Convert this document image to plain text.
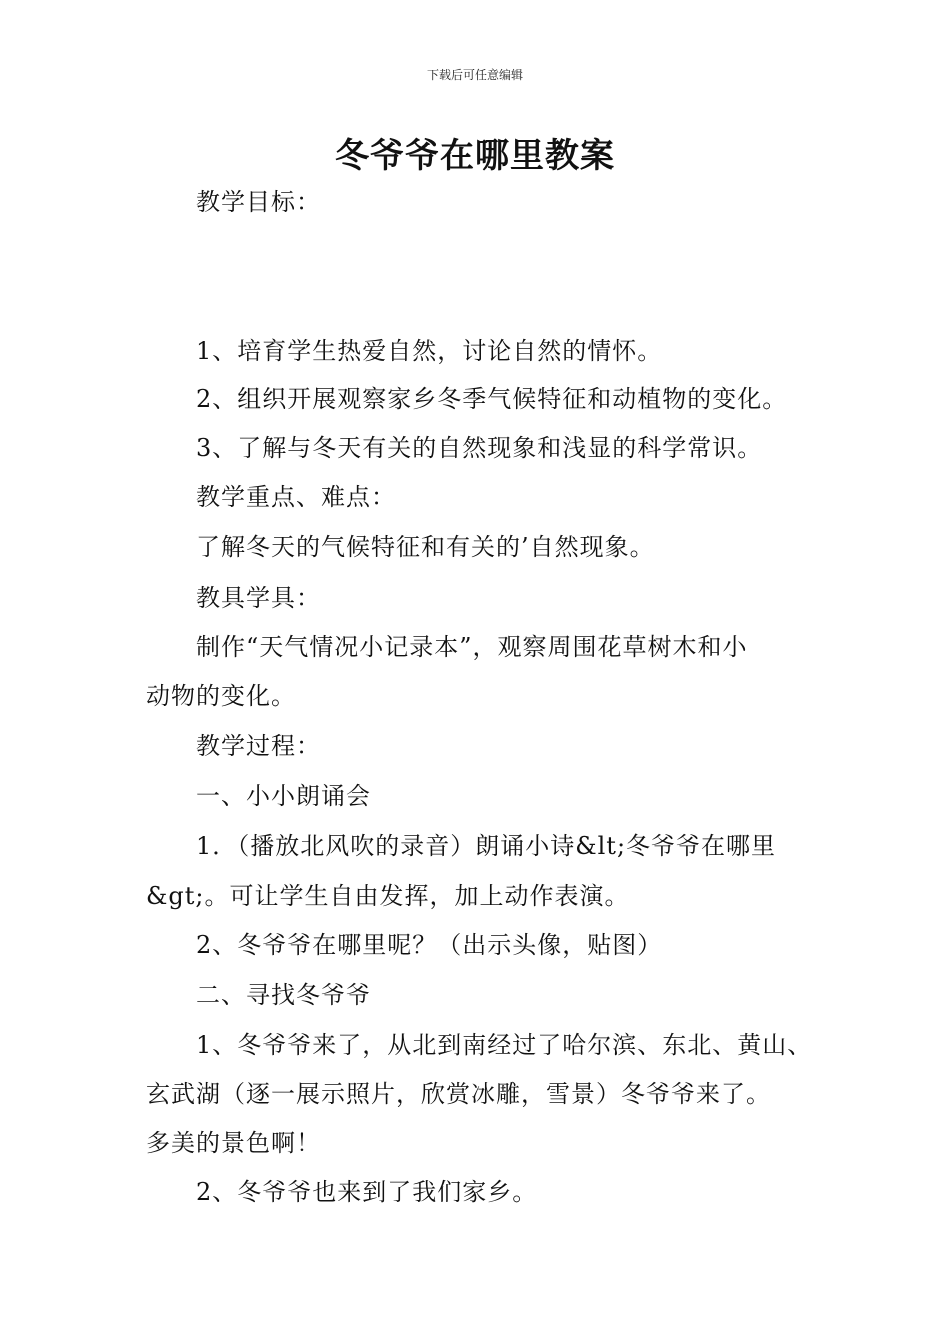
下载后可任意编辑
冬爷爷在哪里教案
教学目标：
1、培育学生热爱自然，讨论自然的情怀。
2、组织开展观察家乡冬季气候特征和动植物的变化。
3、了解与冬天有关的自然现象和浅显的科学常识。
教学重点、难点：
了解冬天的气候特征和有关的’自然现象。
教具学具：
制作“天气情况小记录本”，观察周围花草树木和小
动物的变化。
教学过程：
一、小小朗诵会
1．（播放北风吹的录音）朗诵小诗&lt;冬爷爷在哪里
&gt;。可让学生自由发挥，加上动作表演。
2、冬爷爷在哪里呢？（出示头像，贴图）
二、寻找冬爷爷
1、冬爷爷来了，从北到南经过了哈尔滨、东北、黄山、
玄武湖（逐一展示照片，欣赏冰雕，雪景）冬爷爷来了。
多美的景色啊！
2、冬爷爷也来到了我们家乡。
